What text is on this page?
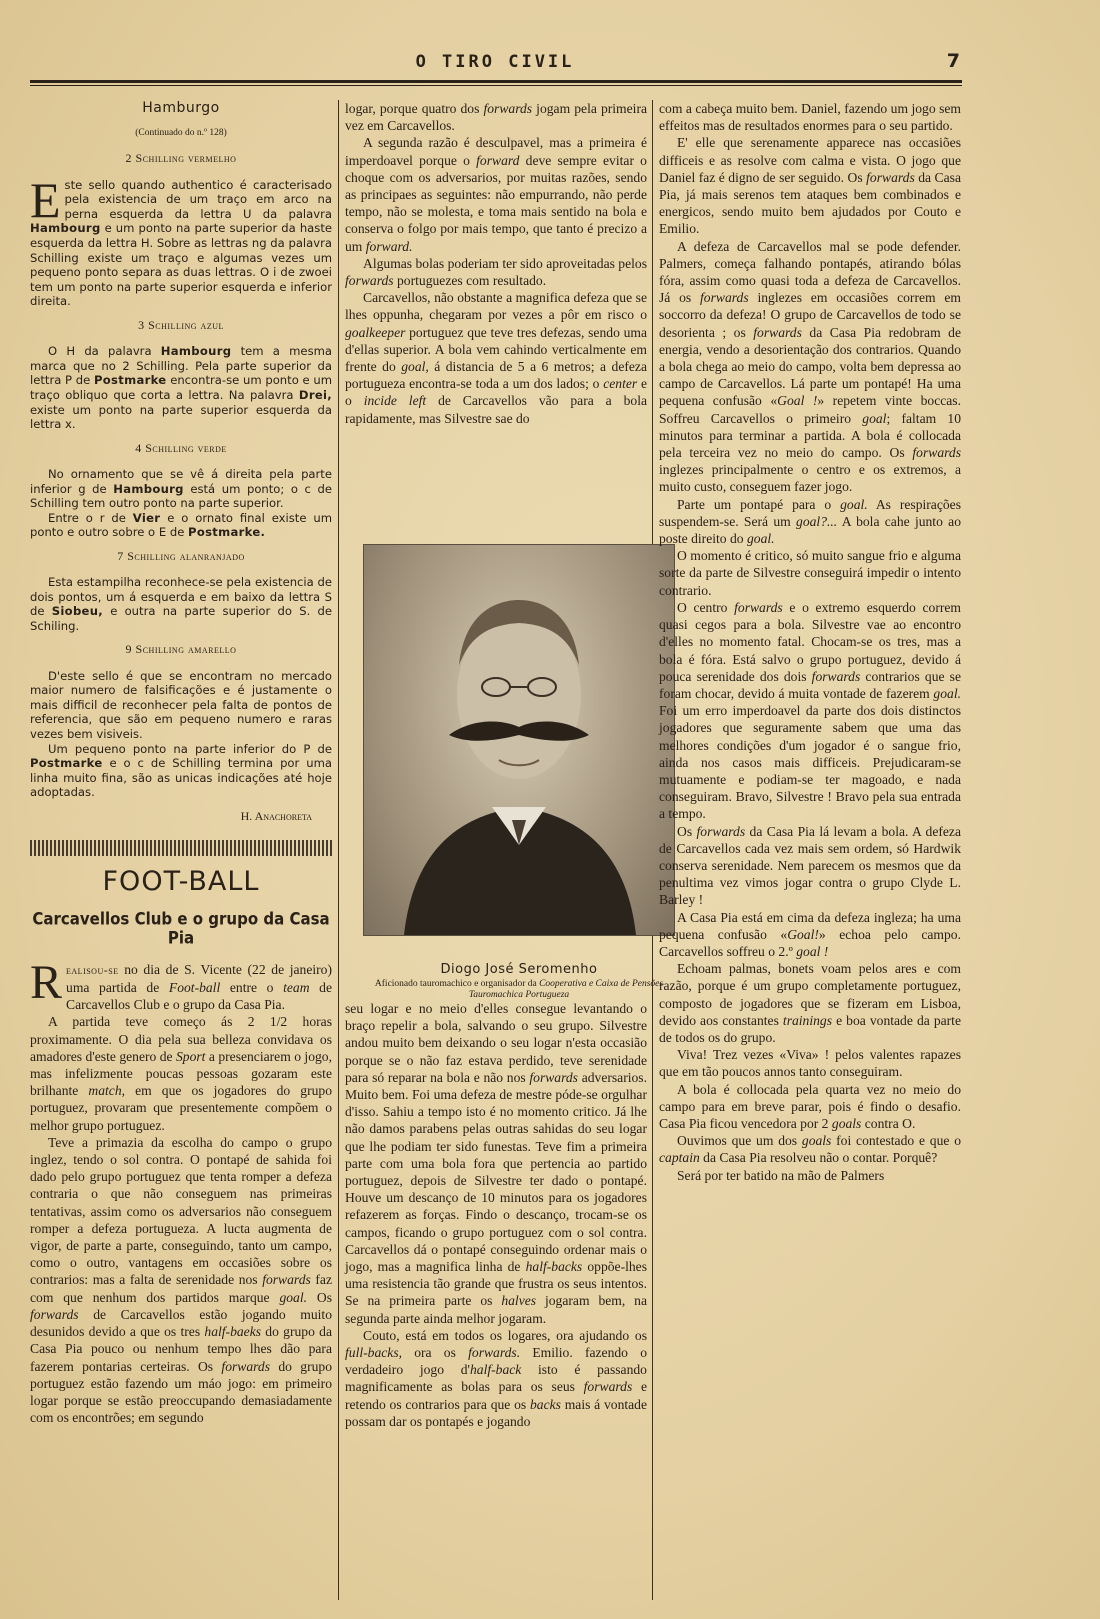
O TIRO CIVIL	7
Hamburgo
(Continuado do n.º 128)
2 Schilling vermelho

Este sello quando authentico é caracterisado pela existencia de um traço em arco na perna esquerda da lettra U da palavra Hambourg e um ponto na parte superior da haste esquerda da lettra H. Sobre as lettras ng da palavra Schilling existe um traço e algumas vezes um pequeno ponto separa as duas lettras. O i de zwoei tem um ponto na parte superior esquerda e inferior direita.

3 Schilling azul

O H da palavra Hambourg tem a mesma marca que no 2 Schilling. Pela parte superior da lettra P de Postmarke encontra-se um ponto e um traço obliquo que corta a lettra. Na palavra Drei, existe um ponto na parte superior esquerda da lettra x.

4 Schilling verde

No ornamento que se vê á direita pela parte inferior g de Hambourg está um ponto; o c de Schilling tem outro ponto na parte superior.

Entre o r de Vier e o ornato final existe um ponto e outro sobre o E de Postmarke.

7 Schilling alanranjado

Esta estampilha reconhece-se pela existencia de dois pontos, um á esquerda e em baixo da lettra S de Siobeu, e outra na parte superior do S. de Schiling.

9 Schilling amarello

D'este sello é que se encontram no mercado maior numero de falsificações e é justamente o mais difficil de reconhecer pela falta de pontos de referencia, que são em pequeno numero e raras vezes bem visiveis.

Um pequeno ponto na parte inferior do P de Postmarke e o c de Schilling termina por uma linha muito fina, são as unicas indicações até hoje adoptadas.

H. Anachoreta
FOOT-BALL
Carcavellos Club e o grupo da Casa Pia

Realisou-se no dia de S. Vicente (22 de janeiro) uma partida de Foot-ball entre o team de Carcavellos Club e o grupo da Casa Pia.

A partida teve começo ás 2 1/2 horas proximamente. O dia pela sua belleza convidava os amadores d'este genero de Sport a presenciarem o jogo, mas infelizmente poucas pessoas gozaram este brilhante match, em que os jogadores do grupo portuguez, provaram que presentemente compõem o melhor grupo portuguez.

Teve a primazia da escolha do campo o grupo inglez, tendo o sol contra. O pontapé de sahida foi dado pelo grupo portuguez que tenta romper a defeza contraria o que não conseguem nas primeiras tentativas, assim como os adversarios não conseguem romper a defeza portugueza. A lucta augmenta de vigor, de parte a parte, conseguindo, tanto um campo, como o outro, vantagens em occasiões sobre os contrarios: mas a falta de serenidade nos forwards faz com que nenhum dos partidos marque goal. Os forwards de Carcavellos estão jogando muito desunidos devido a que os tres half-baeks do grupo da Casa Pia pouco ou nenhum tempo lhes dão para fazerem pontarias certeiras. Os forwards do grupo portuguez estão fazendo um máo jogo: em primeiro logar porque se estão preoccupando demasiadamente com os encontrões; em segundo

logar, porque quatro dos forwards jogam pela primeira vez em Carcavellos.

A segunda razão é desculpavel, mas a primeira é imperdoavel porque o forward deve sempre evitar o choque com os adversarios, por muitas razões, sendo as principaes as seguintes: não empurrando, não perde tempo, não se molesta, e toma mais sentido na bola e conserva o folgo por mais tempo, que tanto é precizo a um forward.

Algumas bolas poderiam ter sido aproveitadas pelos forwards portuguezes com resultado.

Carcavellos, não obstante a magnifica defeza que se lhes oppunha, chegaram por vezes a pôr em risco o goalkeeper portuguez que teve tres defezas, sendo uma d'ellas superior. A bola vem cahindo verticalmente em frente do goal, á distancia de 5 a 6 metros; a defeza portugueza encontra-se toda a um dos lados; o center e o incide left de Carcavellos vão para a bola rapidamente, mas Silvestre sae do

seu logar e no meio d'elles consegue levantando o braço repelir a bola, salvando o seu grupo. Silvestre andou muito bem deixando o seu logar n'esta occasião porque se o não faz estava perdido, teve serenidade para só reparar na bola e não nos forwards adversarios. Muito bem. Foi uma defeza de mestre póde-se orgulhar d'isso. Sahiu a tempo isto é no momento critico. Já lhe não damos parabens pelas outras sahidas do seu logar que lhe podiam ter sido funestas. Teve fim a primeira parte com uma bola fora que pertencia ao partido portuguez, depois de Silvestre ter dado o pontapé. Houve um descanço de 10 minutos para os jogadores refazerem as forças. Findo o descanço, trocam-se os campos, ficando o grupo portuguez com o sol contra. Carcavellos dá o pontapé conseguindo ordenar mais o jogo, mas a magnifica linha de half-backs oppõe-lhes uma resistencia tão grande que frustra os seus intentos. Se na primeira parte os halves jogaram bem, na segunda parte ainda melhor jogaram.

Couto, está em todos os logares, ora ajudando os full-backs, ora os forwards. Emilio. fazendo o verdadeiro jogo d'half-back isto é passando magnificamente as bolas para os seus forwards e retendo os contrarios para que os backs mais á vontade possam dar os pontapés e jogando

Diogo José Seromenho
Aficionado tauromachico e organisador da Cooperativa e Caixa de Pensões
Tauromachica Portugueza

com a cabeça muito bem. Daniel, fazendo um jogo sem effeitos mas de resultados enormes para o seu partido.

E' elle que serenamente apparece nas occasiões difficeis e as resolve com calma e vista. O jogo que Daniel faz é digno de ser seguido. Os forwards da Casa Pia, já mais serenos tem ataques bem combinados e energicos, sendo muito bem ajudados por Couto e Emilio.

A defeza de Carcavellos mal se pode defender. Palmers, começa falhando pontapés, atirando bólas fóra, assim como quasi toda a defeza de Carcavellos. Já os forwards inglezes em occasiões correm em soccorro da defeza! O grupo de Carcavellos de todo se desorienta ; os forwards da Casa Pia redobram de energia, vendo a desorientação dos contrarios. Quando a bola chega ao meio do campo, volta bem depressa ao campo de Carcavellos. Lá parte um pontapé! Ha uma pequena confusão «Goal !» repetem vinte boccas. Soffreu Carcavellos o primeiro goal; faltam 10 minutos para terminar a partida. A bola é collocada pela terceira vez no meio do campo. Os forwards inglezes principalmente o centro e os extremos, a muito custo, conseguem fazer jogo.

Parte um pontapé para o goal. As respirações suspendem-se. Será um goal?... A bola cahe junto ao poste direito do goal.

O momento é critico, só muito sangue frio e alguma sorte da parte de Silvestre conseguirá impedir o intento contrario.

O centro forwards e o extremo esquerdo correm quasi cegos para a bola. Silvestre vae ao encontro d'elles no momento fatal. Chocam-se os tres, mas a bola é fóra. Está salvo o grupo portuguez, devido á pouca serenidade dos dois forwards contrarios que se foram chocar, devido á muita vontade de fazerem goal. Foi um erro imperdoavel da parte dos dois distinctos jogadores que seguramente sabem que uma das melhores condições d'um jogador é o sangue frio, ainda nos casos mais difficeis. Prejudicaram-se mutuamente e podiam-se ter magoado, e nada conseguiram. Bravo, Silvestre ! Bravo pela sua entrada a tempo.

Os forwards da Casa Pia lá levam a bola. A defeza de Carcavellos cada vez mais sem ordem, só Hardwik conserva serenidade. Nem parecem os mesmos que da penultima vez vimos jogar contra o grupo Clyde L. Barley !

A Casa Pia está em cima da defeza ingleza; ha uma pequena confusão «Goal!» echoa pelo campo. Carcavellos soffreu o 2.º goal !

Echoam palmas, bonets voam pelos ares e com razão, porque é um grupo completamente portuguez, composto de jogadores que se fizeram em Lisboa, devido aos constantes trainings e boa vontade da parte de todos os do grupo.

Viva! Trez vezes «Viva» ! pelos valentes rapazes que em tão poucos annos tanto conseguiram.

A bola é collocada pela quarta vez no meio do campo para em breve parar, pois é findo o desafio. Casa Pia ficou vencedora por 2 goals contra O.

Ouvimos que um dos goals foi contestado e que o captain da Casa Pia resolveu não o contar. Porquê?

Será por ter batido na mão de Palmers
